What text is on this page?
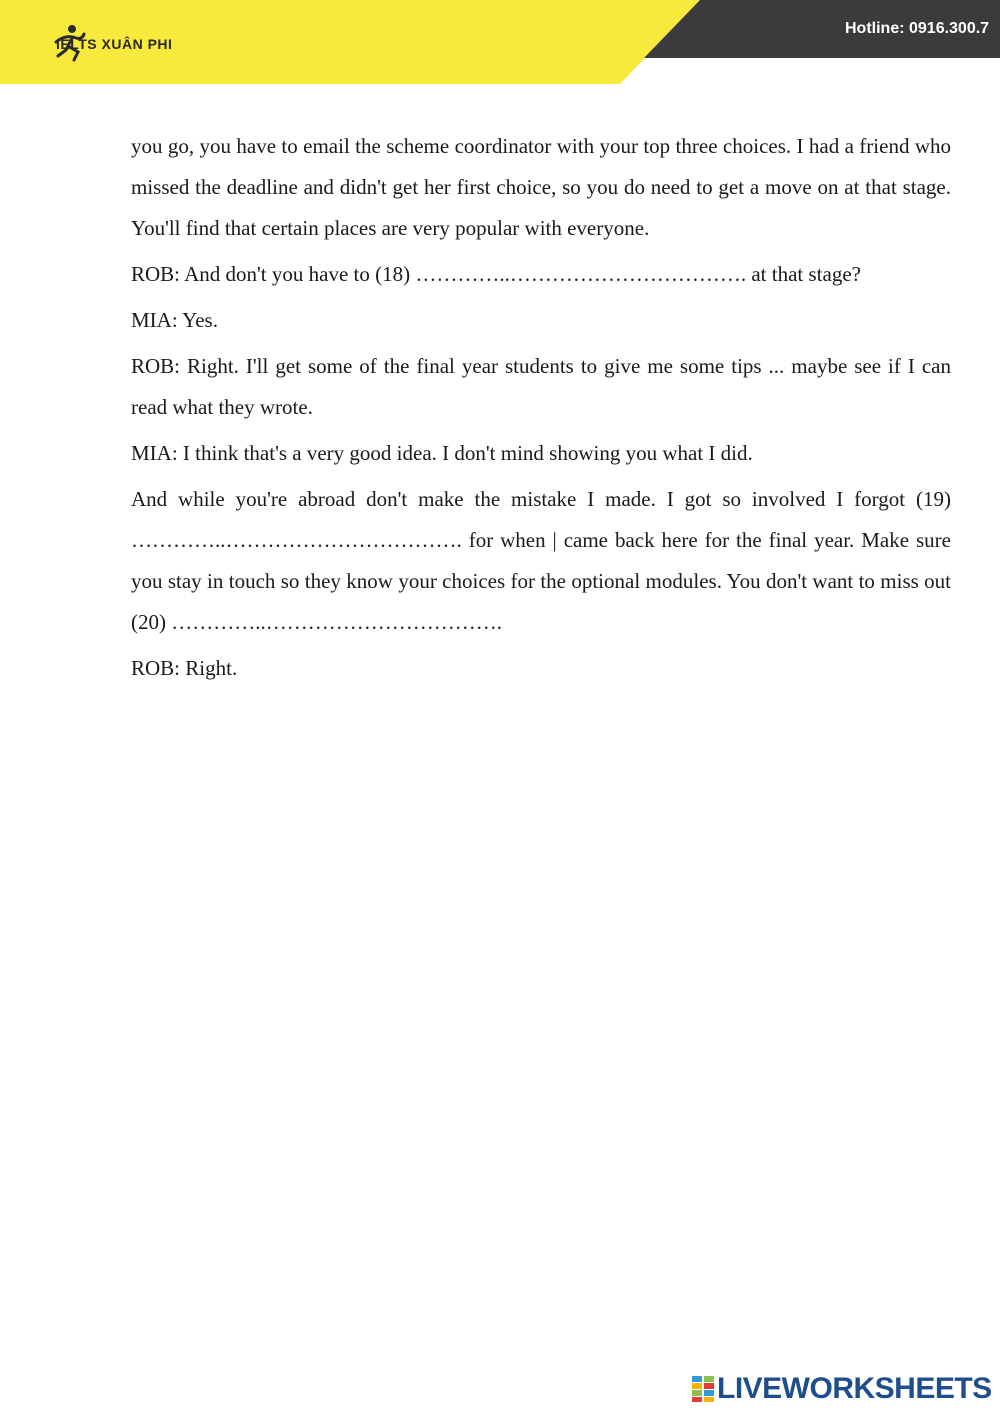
IELTS XUÂN PHI
Hotline: 0916.300.7

you go, you have to email the scheme coordinator with your top three choices. I had a friend who missed the deadline and didn't get her first choice, so you do need to get a move on at that stage. You'll find that certain places are very popular with everyone.

ROB: And don't you have to (18) …………..……………………………. at that stage?

MIA: Yes.

ROB: Right. I'll get some of the final year students to give me some tips ... maybe see if I can read what they wrote.

MIA: I think that's a very good idea. I don't mind showing you what I did.

And while you're abroad don't make the mistake I made. I got so involved I forgot (19) …………..……………………………. for when | came back here for the final year. Make sure you stay in touch so they know your choices for the optional modules. You don't want to miss out (20) …………..…………………………….

ROB: Right.

LIVEWORKSHEETS
